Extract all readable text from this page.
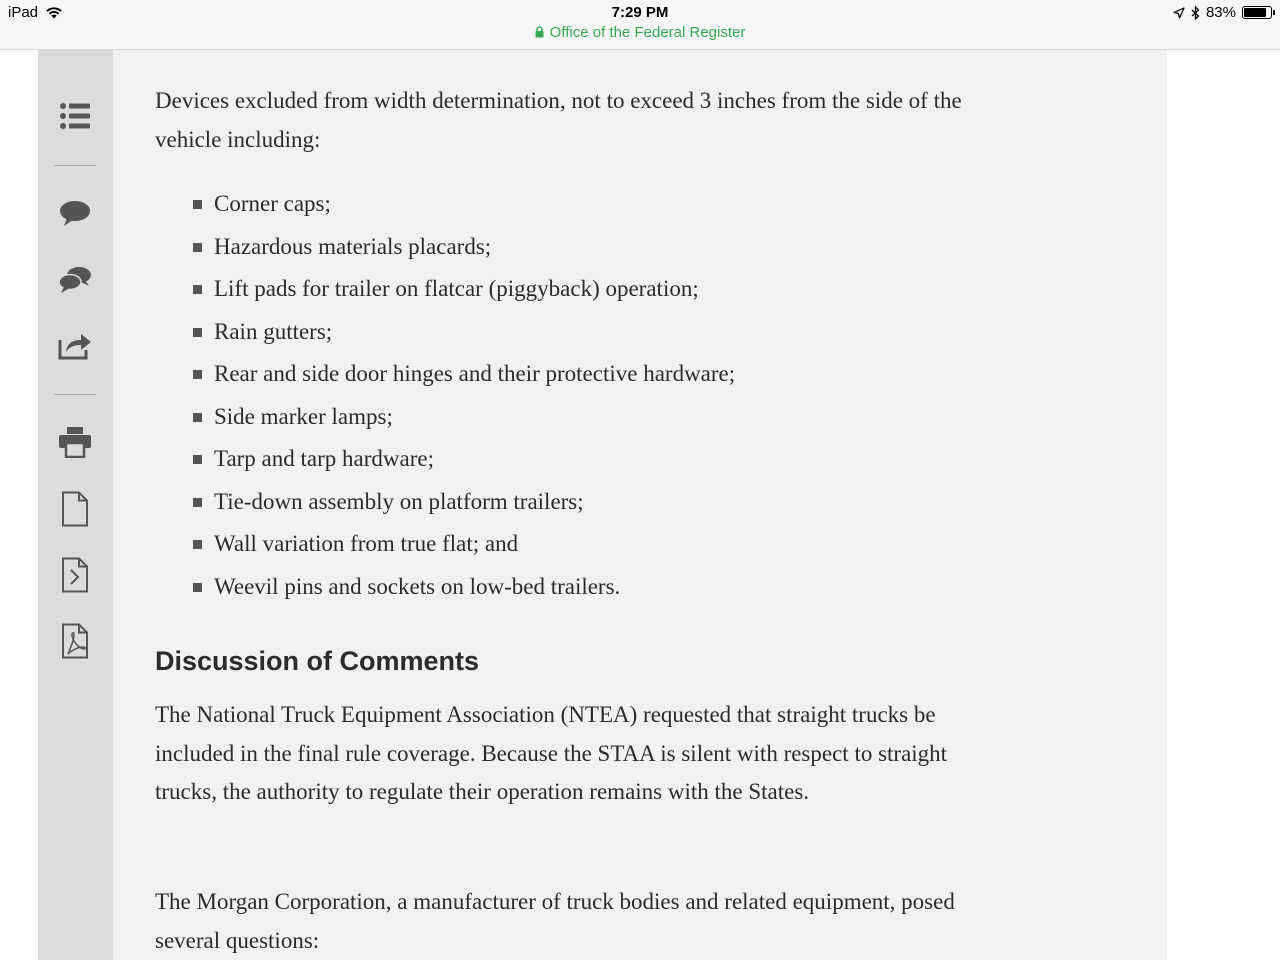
iPad	7:29 PM
Office of the Federal Register
83%

Devices excluded from width determination, not to exceed 3 inches from the side of the vehicle including:

Corner caps;
Hazardous materials placards;
Lift pads for trailer on flatcar (piggyback) operation;
Rain gutters;
Rear and side door hinges and their protective hardware;
Side marker lamps;
Tarp and tarp hardware;
Tie-down assembly on platform trailers;
Wall variation from true flat; and
Weevil pins and sockets on low-bed trailers.
Discussion of Comments

The National Truck Equipment Association (NTEA) requested that straight trucks be included in the final rule coverage. Because the STAA is silent with respect to straight trucks, the authority to regulate their operation remains with the States.

The Morgan Corporation, a manufacturer of truck bodies and related equipment, posed several questions:
